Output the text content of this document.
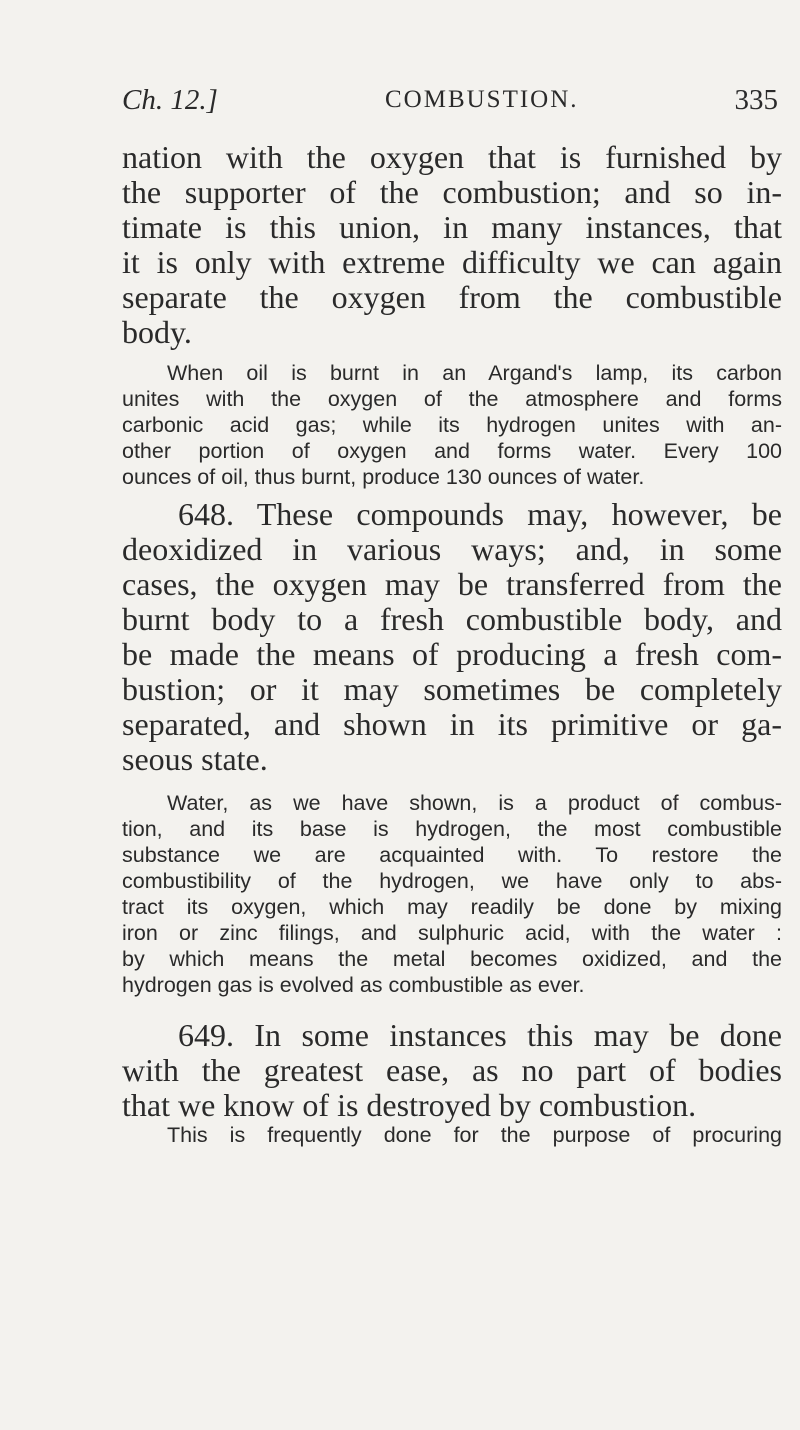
Ch. 12.]	COMBUSTION.	335
nation with the oxygen that is furnished by
the supporter of the combustion; and so in-
timate is this union, in many instances, that
it is only with extreme difficulty we can again
separate the oxygen from the combustible
body.
When oil is burnt in an Argand's lamp, its carbon
unites with the oxygen of the atmosphere and forms
carbonic acid gas; while its hydrogen unites with an-
other portion of oxygen and forms water. Every 100
ounces of oil, thus burnt, produce 130 ounces of water.
648. These compounds may, however, be
deoxidized in various ways; and, in some
cases, the oxygen may be transferred from the
burnt body to a fresh combustible body, and
be made the means of producing a fresh com-
bustion; or it may sometimes be completely
separated, and shown in its primitive or ga-
seous state.
Water, as we have shown, is a product of combus-
tion, and its base is hydrogen, the most combustible
substance we are acquainted with. To restore the
combustibility of the hydrogen, we have only to abs-
tract its oxygen, which may readily be done by mixing
iron or zinc filings, and sulphuric acid, with the water :
by which means the metal becomes oxidized, and the
hydrogen gas is evolved as combustible as ever.
649. In some instances this may be done
with the greatest ease, as no part of bodies
that we know of is destroyed by combustion.
This is frequently done for the purpose of procuring
